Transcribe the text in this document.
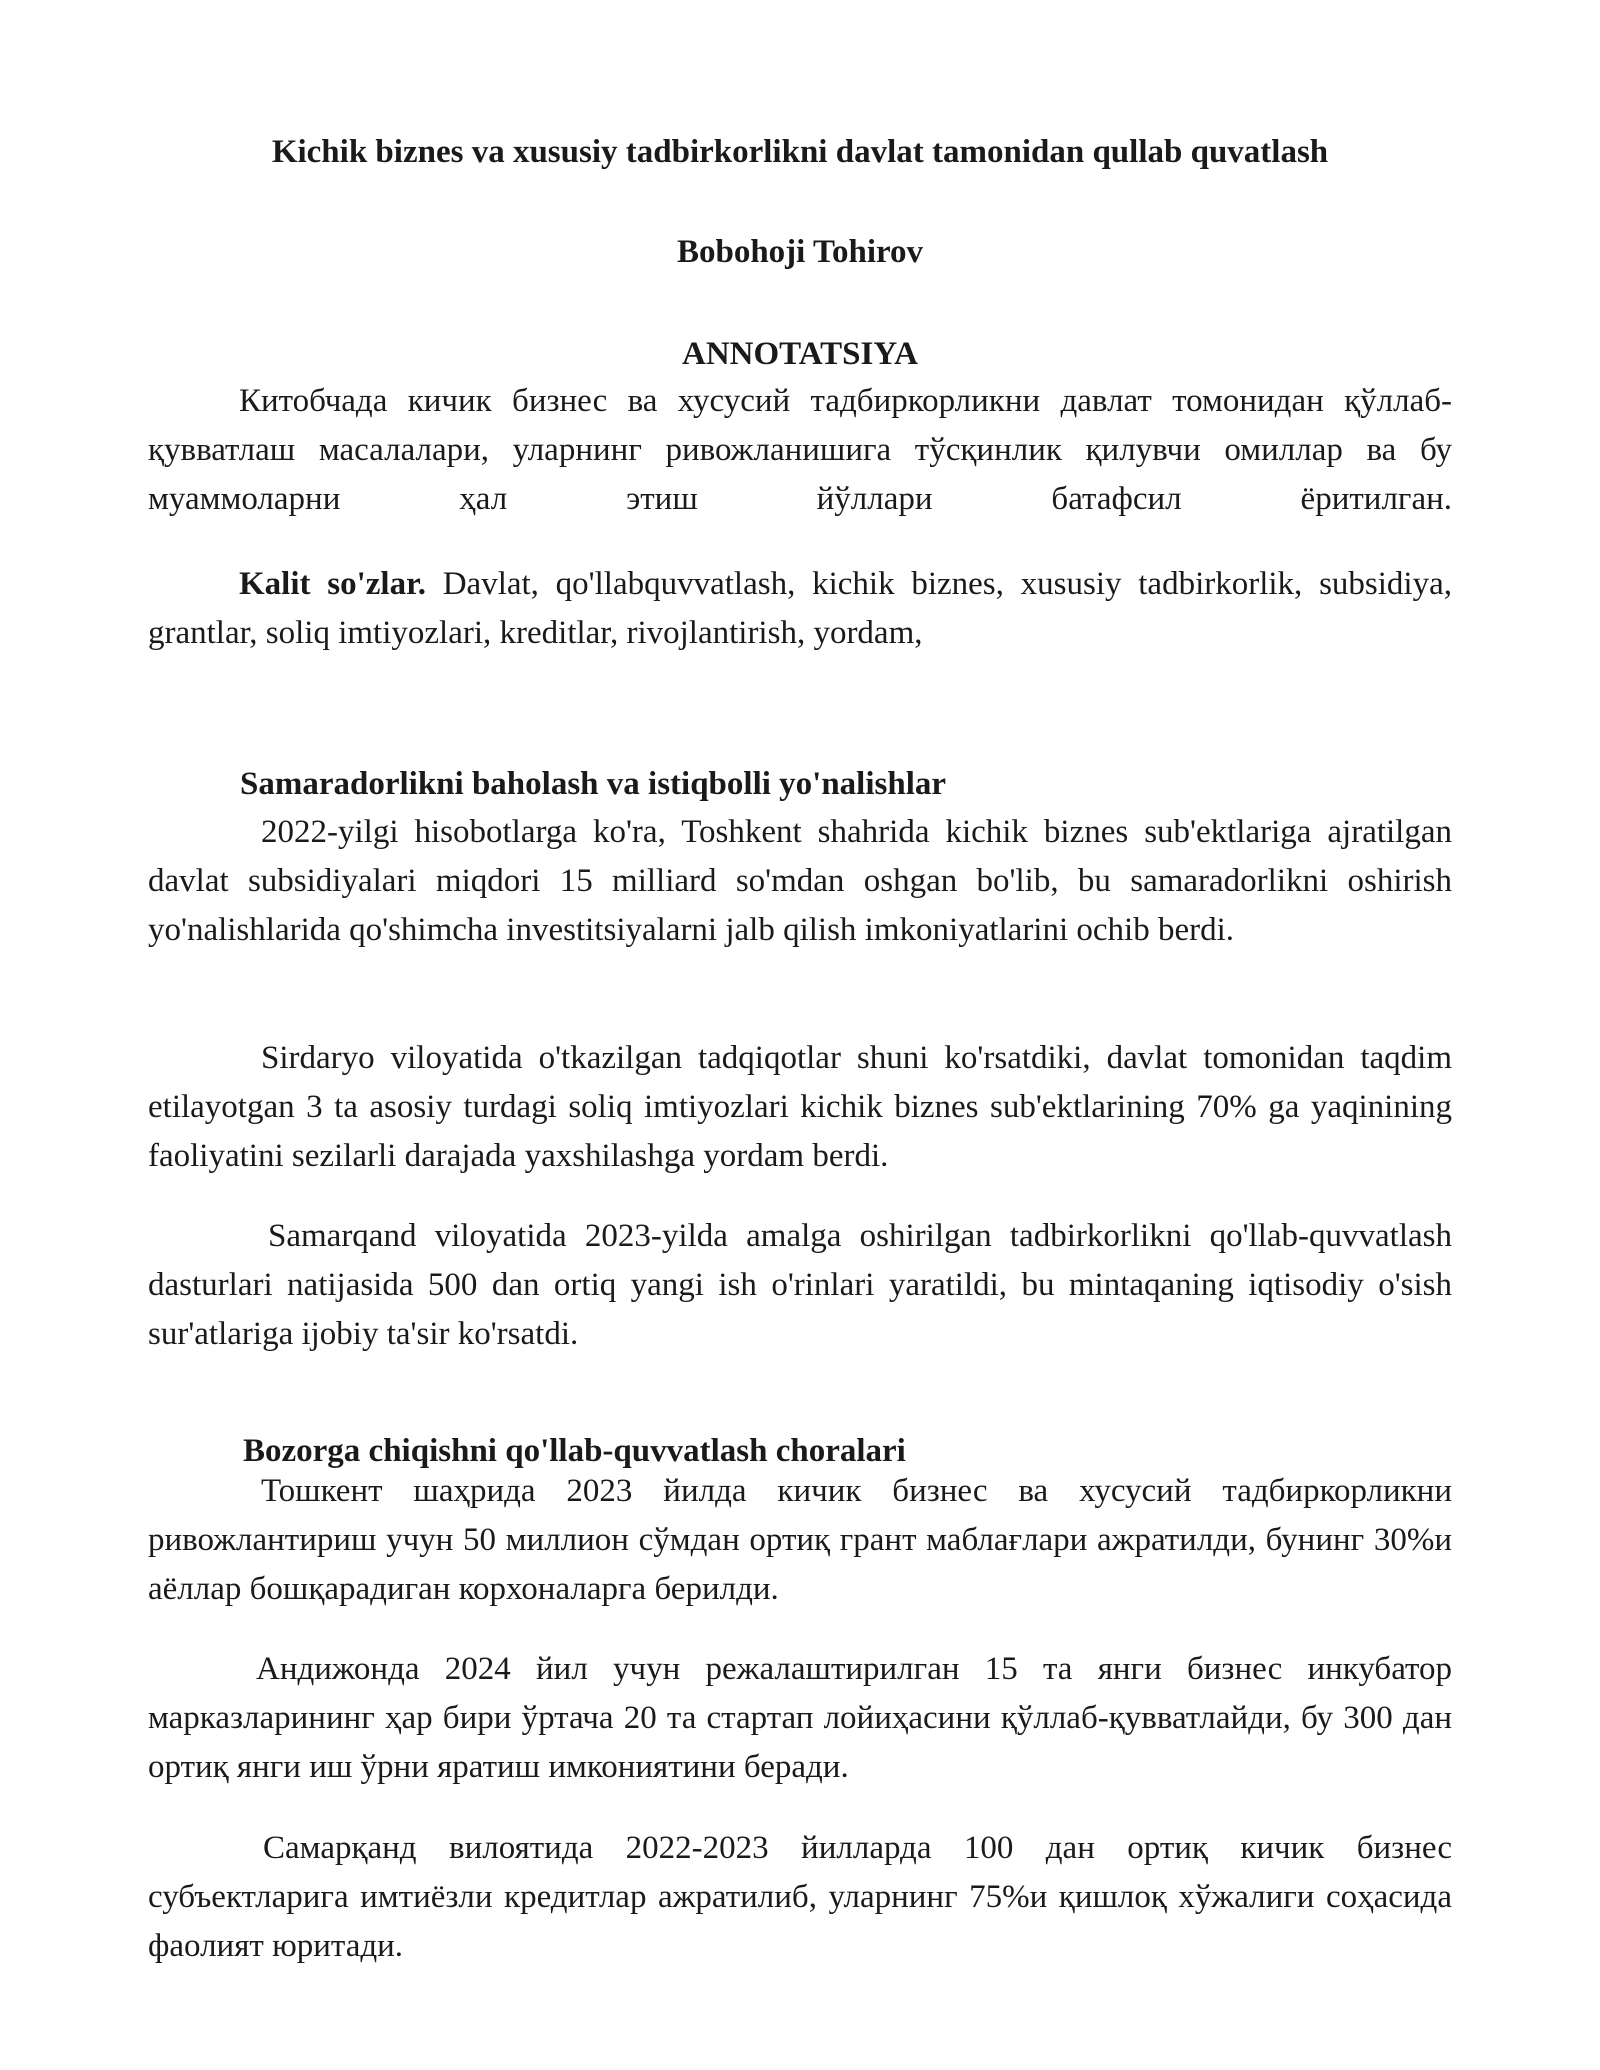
Kichik biznes va xususiy tadbirkorlikni davlat tamonidan qullab quvatlash
Bobohoji Tohirov
ANNOTATSIYA
Китобчада кичик бизнес ва хусусий тадбиркорликни давлат томонидан қўллаб-қувватлаш масалалари, уларнинг ривожланишига тўсқинлик қилувчи омиллар ва бу муаммоларни ҳал этиш йўллари батафсил ёритилган.
Kalit so'zlar. Davlat, qo'llabquvvatlash, kichik biznes, xususiy tadbirkorlik, subsidiya, grantlar, soliq imtiyozlari, kreditlar, rivojlantirish, yordam,
Samaradorlikni baholash va istiqbolli yo'nalishlar
2022-yilgi hisobotlarga ko'ra, Toshkent shahrida kichik biznes sub'ektlariga ajratilgan davlat subsidiyalari miqdori 15 milliard so'mdan oshgan bo'lib, bu samaradorlikni oshirish yo'nalishlarida qo'shimcha investitsiyalarni jalb qilish imkoniyatlarini ochib berdi.
Sirdaryo viloyatida o'tkazilgan tadqiqotlar shuni ko'rsatdiki, davlat tomonidan taqdim etilayotgan 3 ta asosiy turdagi soliq imtiyozlari kichik biznes sub'ektlarining 70% ga yaqinining faoliyatini sezilarli darajada yaxshilashga yordam berdi.
Samarqand viloyatida 2023-yilda amalga oshirilgan tadbirkorlikni qo'llab-quvvatlash dasturlari natijasida 500 dan ortiq yangi ish o'rinlari yaratildi, bu mintaqaning iqtisodiy o'sish sur'atlariga ijobiy ta'sir ko'rsatdi.
Bozorga chiqishni qo'llab-quvvatlash choralari
Тошкент шаҳрида 2023 йилда кичик бизнес ва хусусий тадбиркорликни ривожлантириш учун 50 миллион сўмдан ортиқ грант маблағлари ажратилди, бунинг 30%и аёллар бошқарадиган корхоналарга берилди.
Андижонда 2024 йил учун режалаштирилган 15 та янги бизнес инкубатор марказларининг ҳар бири ўртача 20 та стартап лойиҳасини қўллаб-қувватлайди, бу 300 дан ортиқ янги иш ўрни яратиш имкониятини беради.
Самарқанд вилоятида 2022-2023 йилларда 100 дан ортиқ кичик бизнес субъектларига имтиёзли кредитлар ажратилиб, уларнинг 75%и қишлоқ хўжалиги соҳасида фаолият юритади.
